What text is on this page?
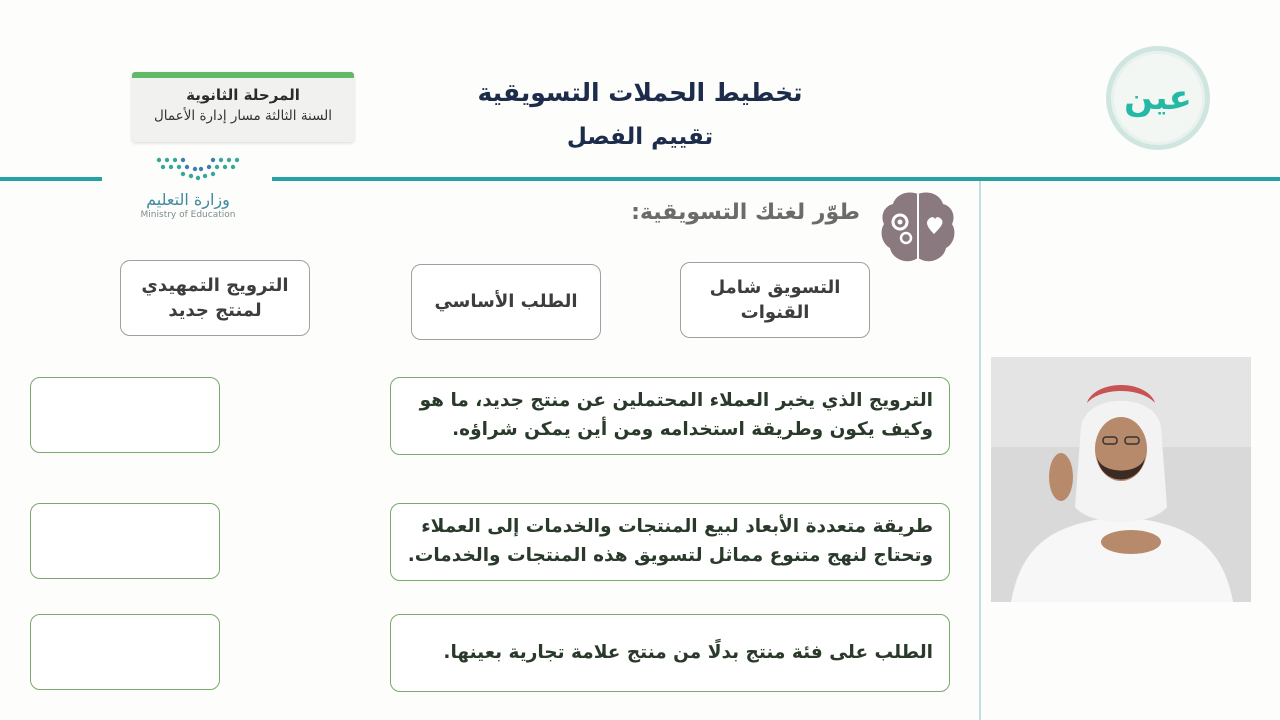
المرحلة الثانوية
السنة الثالثة مسار إدارة الأعمال
تخطيط الحملات التسويقية
تقييم الفصل
عين
وزارة التعليم
Ministry of Education	طوّر لغتك التسويقية:
التسويق شامل القنوات
الطلب الأساسي
الترويج التمهيدي لمنتج جديد
الترويج الذي يخبر العملاء المحتملين عن منتج جديد، ما هو وكيف يكون وطريقة استخدامه ومن أين يمكن شراؤه.
طريقة متعددة الأبعاد لبيع المنتجات والخدمات إلى العملاء وتحتاج لنهج متنوع مماثل لتسويق هذه المنتجات والخدمات.
الطلب على فئة منتج بدلًا من منتج علامة تجارية بعينها.
